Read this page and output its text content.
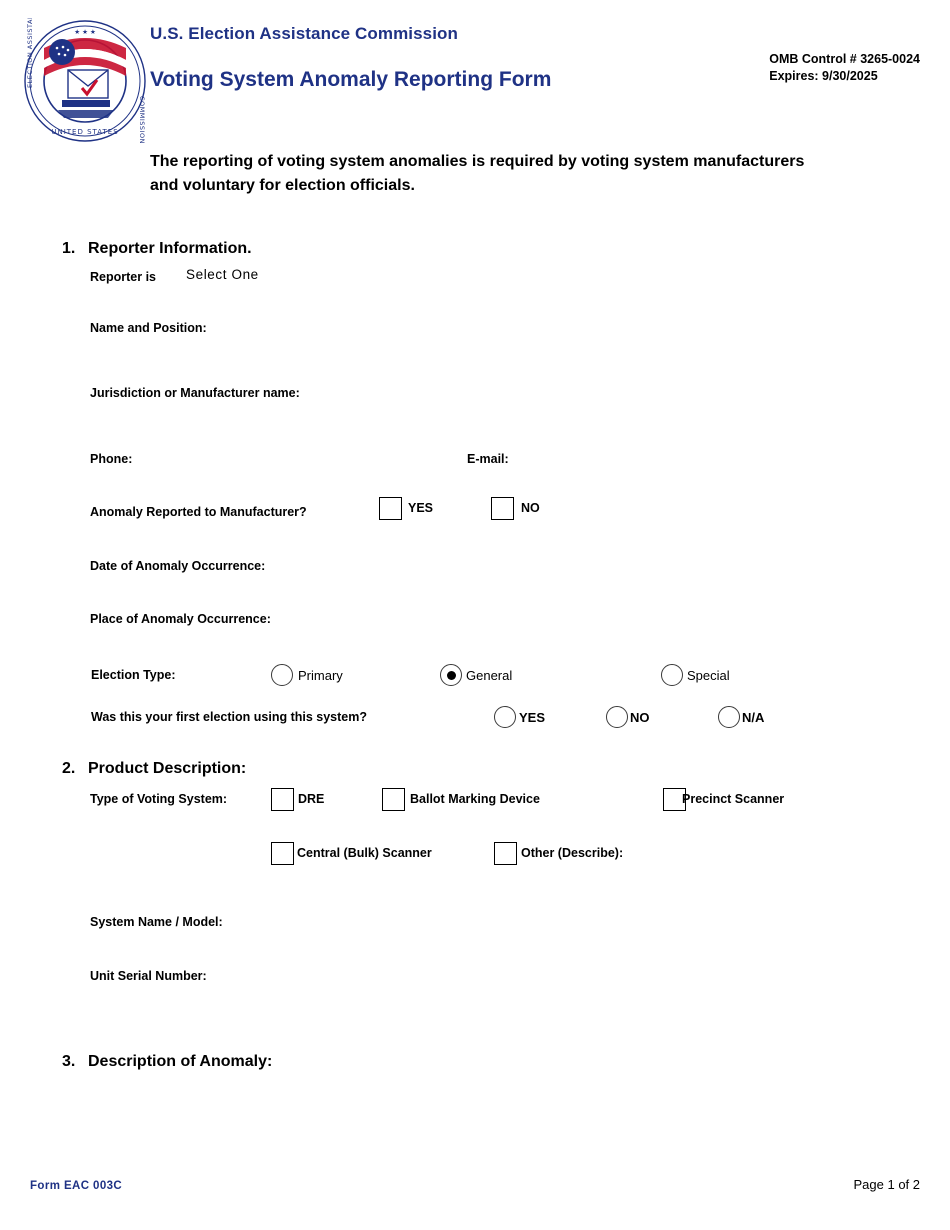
★ ★ ★
UNITED STATES
ELECTION ASSISTANCE
COMMISSION
U.S. Election Assistance Commission
Voting System Anomaly Reporting Form
OMB Control # 3265-0024
Expires: 9/30/2025
The reporting of voting system anomalies is required by voting system manufacturers and voluntary for election officials.
1. Reporter Information.
Reporter is Select One
Name and Position:
Jurisdiction or Manufacturer name:
Phone:	E-mail:
Anomaly Reported to Manufacturer?	YES	NO
Date of Anomaly Occurrence:
Place of Anomaly Occurrence:
Election Type:	Primary	General	Special
Was this your first election using this system?	YES	NO	N/A
2. Product Description:
Type of Voting System:	DRE	Ballot Marking Device	Precinct Scanner
Central (Bulk) Scanner	Other (Describe):
System Name / Model:
Unit Serial Number:
3. Description of Anomaly:
Form EAC 003C	Page 1 of 2
